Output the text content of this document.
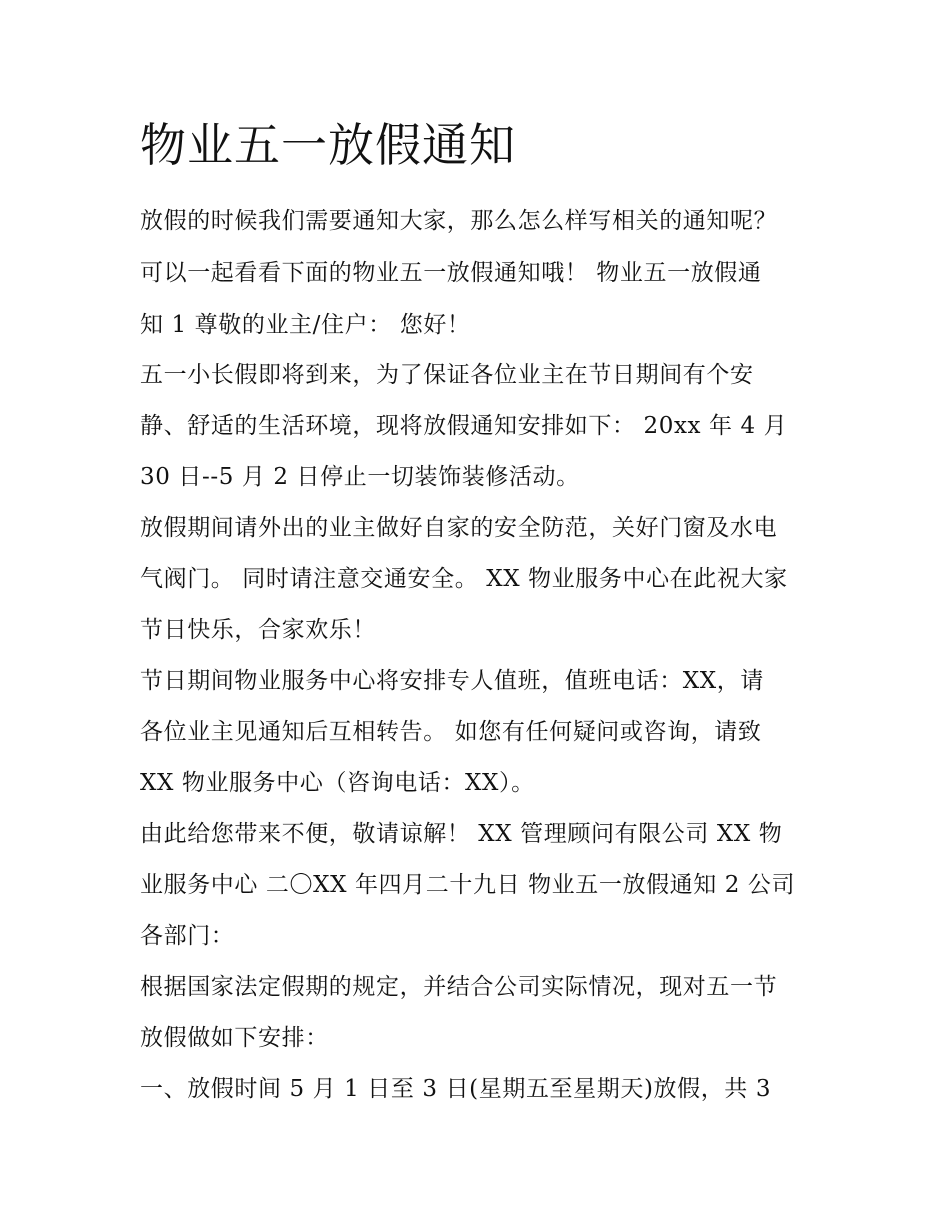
物业五一放假通知

放假的时候我们需要通知大家，那么怎么样写相关的通知呢？

可以一起看看下面的物业五一放假通知哦！ 物业五一放假通

知 1 尊敬的业主/住户： 您好！

五一小长假即将到来，为了保证各位业主在节日期间有个安

静、舒适的生活环境，现将放假通知安排如下： 20xx 年 4 月

30 日--5 月 2 日停止一切装饰装修活动。

放假期间请外出的业主做好自家的安全防范，关好门窗及水电

气阀门。 同时请注意交通安全。 XX 物业服务中心在此祝大家

节日快乐，合家欢乐！

节日期间物业服务中心将安排专人值班，值班电话：XX，请

各位业主见通知后互相转告。 如您有任何疑问或咨询，请致

XX 物业服务中心（咨询电话：XX）。

由此给您带来不便，敬请谅解！ XX 管理顾问有限公司 XX 物

业服务中心 二〇XX 年四月二十九日 物业五一放假通知 2 公司

各部门：

根据国家法定假期的规定，并结合公司实际情况，现对五一节

放假做如下安排：

一、放假时间 5 月 1 日至 3 日(星期五至星期天)放假，共 3
